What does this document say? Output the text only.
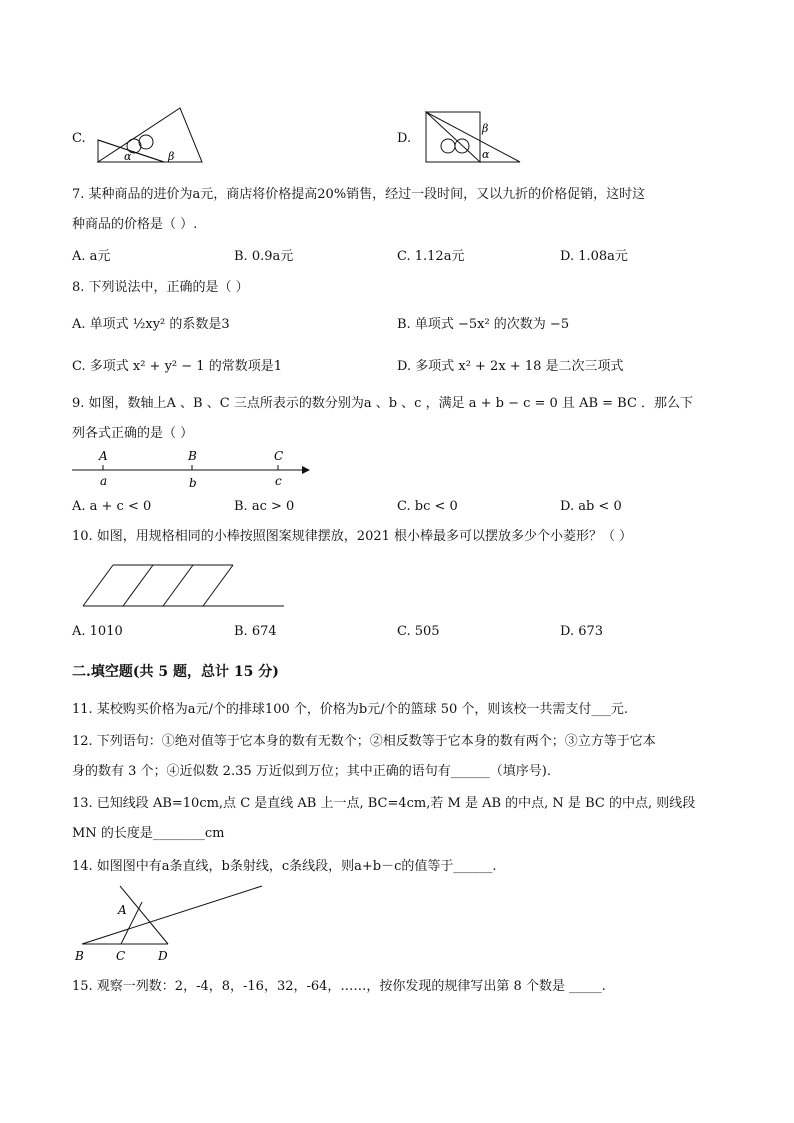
C.
α	β
D.
β
α
7. 某种商品的进价为a元，商店将价格提高20%销售，经过一段时间，又以九折的价格促销，这时这
种商品的价格是（ ）.
A. a元	B. 0.9a元	C. 1.12a元	D. 1.08a元
8. 下列说法中，正确的是（ ）
A. 单项式 ½xy² 的系数是3	B. 单项式 −5x² 的次数为 −5
C. 多项式 x² + y² − 1 的常数项是1	D. 多项式 x² + 2x + 18 是二次三项式
9. 如图，数轴上A 、B 、C 三点所表示的数分别为a 、b 、c ，满足 a + b − c = 0 且 AB = BC ．那么下
列各式正确的是（ ）
A	B	C
a	b	c
A. a + c < 0	B. ac > 0	C. bc < 0	D. ab < 0
10. 如图，用规格相同的小棒按照图案规律摆放，2021 根小棒最多可以摆放多少个小菱形？（ ）
A. 1010	B. 674	C. 505	D. 673
二.填空题(共 5 题，总计 15 分)
11. 某校购买价格为a元/个的排球100 个，价格为b元/个的篮球 50 个，则该校一共需支付___元.
12. 下列语句：①绝对值等于它本身的数有无数个；②相反数等于它本身的数有两个；③立方等于它本
身的数有 3 个；④近似数 2.35 万近似到万位；其中正确的语句有______（填序号).
13. 已知线段 AB=10cm,点 C 是直线 AB 上一点, BC=4cm,若 M 是 AB 的中点, N 是 BC 的中点, 则线段
MN 的长度是________cm
14. 如图图中有a条直线，b条射线，c条线段，则a+b－c的值等于______.
A
B	C	D
15. 观察一列数：2，-4，8，-16，32，-64，……，按你发现的规律写出第 8 个数是 _____.
